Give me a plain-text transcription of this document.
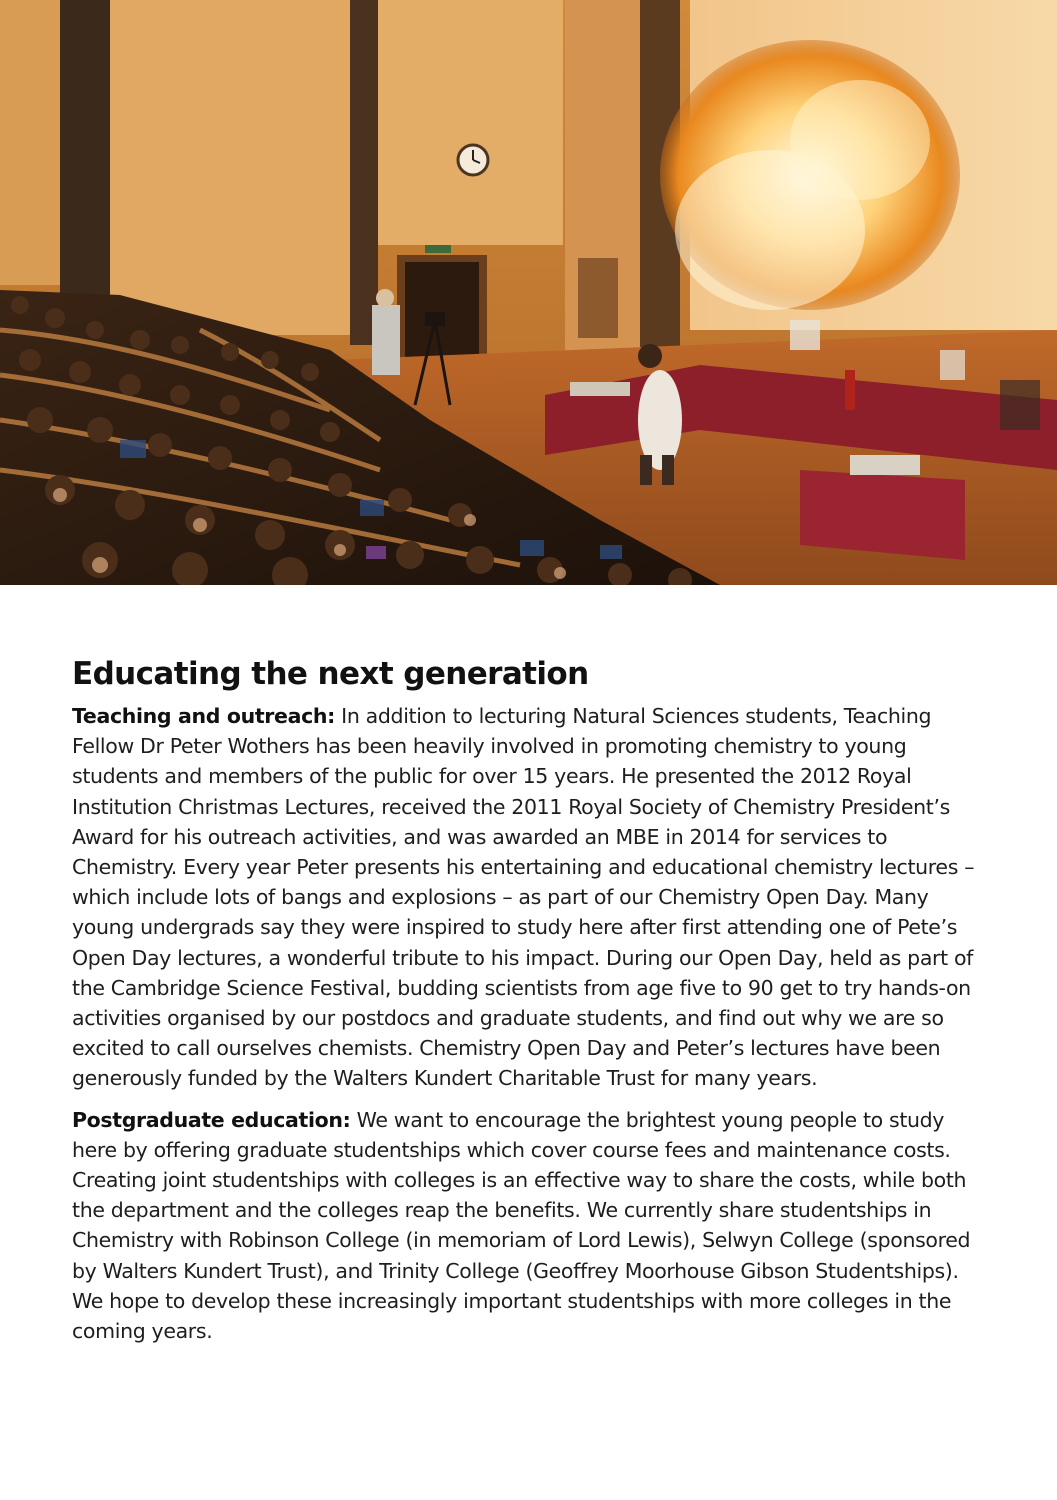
Educating the next generation

Teaching and outreach: In addition to lecturing Natural Sciences students, Teaching Fellow Dr Peter Wothers has been heavily involved in promoting chemistry to young students and members of the public for over 15 years. He presented the 2012 Royal Institution Christmas Lectures, received the 2011 Royal Society of Chemistry President’s Award for his outreach activities, and was awarded an MBE in 2014 for services to Chemistry. Every year Peter presents his entertaining and educational chemistry lectures – which include lots of bangs and explosions – as part of our Chemistry Open Day. Many young undergrads say they were inspired to study here after first attending one of Pete’s Open Day lectures, a wonderful tribute to his impact. During our Open Day, held as part of the Cambridge Science Festival, budding scientists from age five to 90 get to try hands-on activities organised by our postdocs and graduate students, and find out why we are so excited to call ourselves chemists. Chemistry Open Day and Peter’s lectures have been generously funded by the Walters Kundert Charitable Trust for many years.

Postgraduate education: We want to encourage the brightest young people to study here by offering graduate studentships which cover course fees and maintenance costs. Creating joint studentships with colleges is an effective way to share the costs, while both the department and the colleges reap the benefits. We currently share studentships in Chemistry with Robinson College (in memoriam of Lord Lewis), Selwyn College (sponsored by Walters Kundert Trust), and Trinity College (Geoffrey Moorhouse Gibson Studentships). We hope to develop these increasingly important studentships with more colleges in the coming years.
